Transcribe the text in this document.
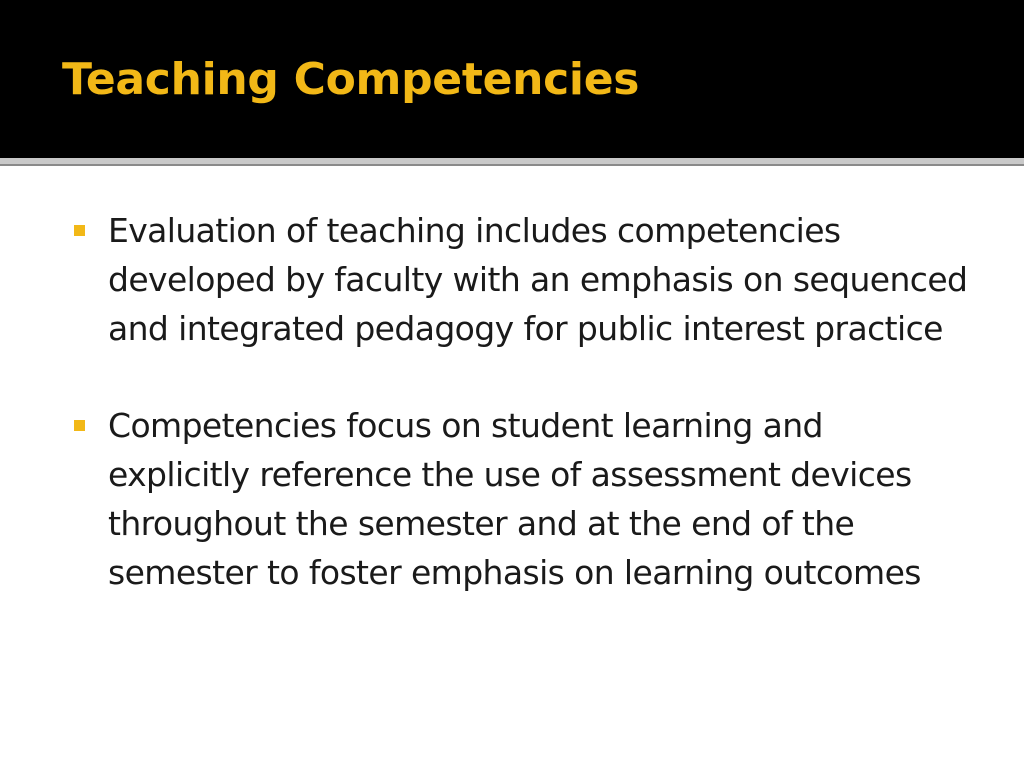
Teaching Competencies
Evaluation of teaching includes competencies developed by faculty with an emphasis on sequenced and integrated pedagogy for public interest practice
Competencies focus on student learning and explicitly reference the use of assessment devices throughout the semester and at the end of the semester to foster emphasis on learning outcomes
